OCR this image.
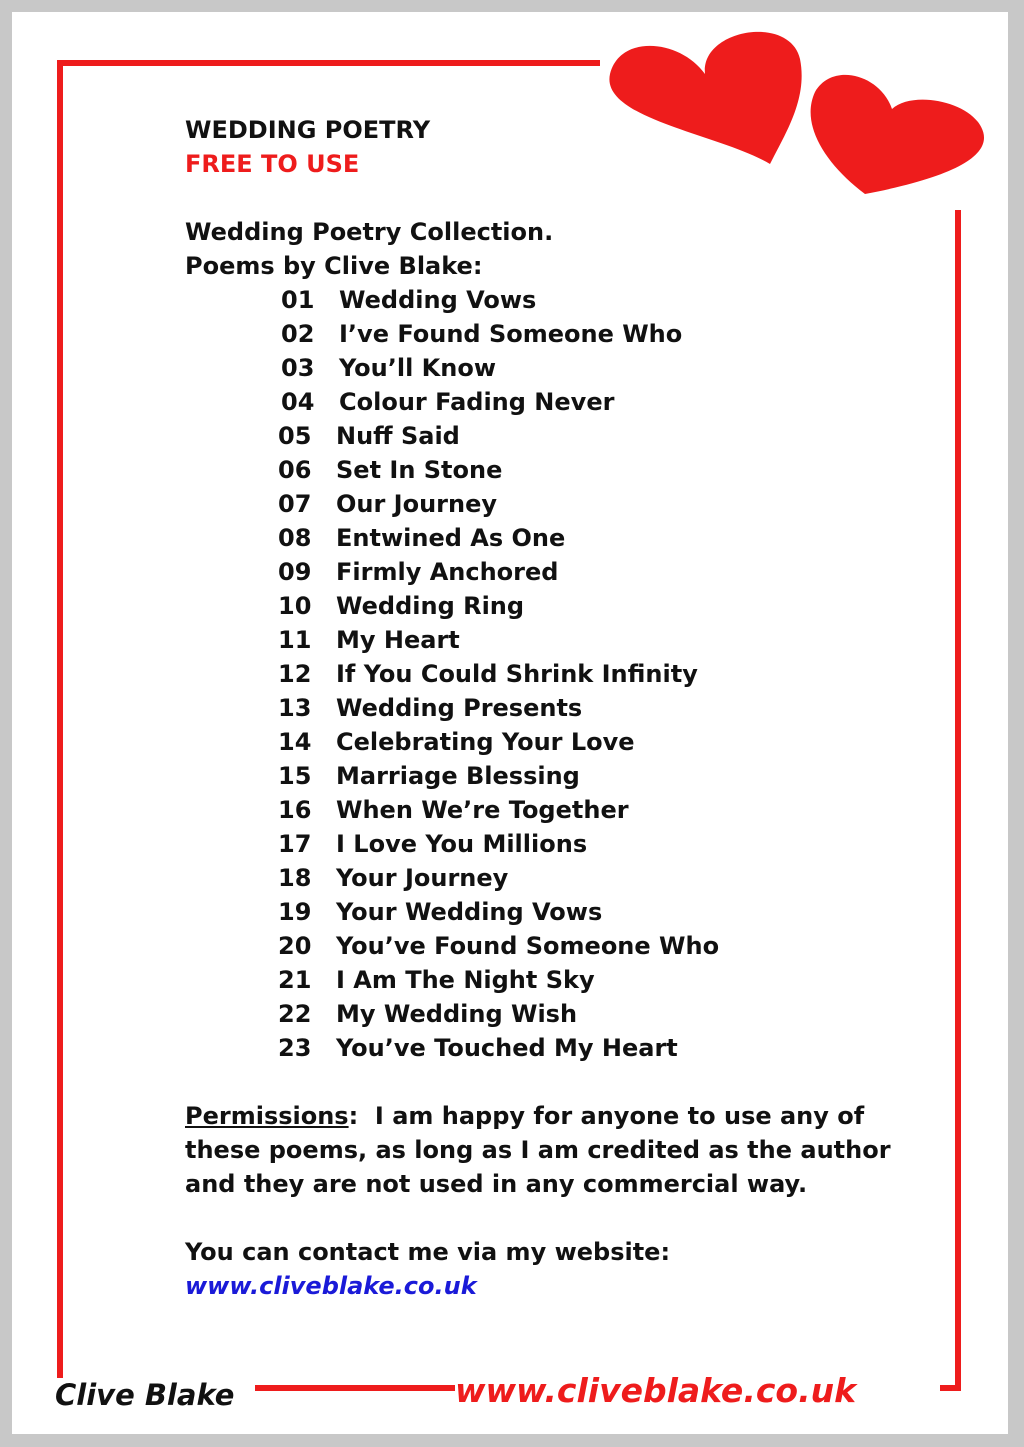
WEDDING POETRY

FREE TO USE

Wedding Poetry Collection.

Poems by Clive Blake:

01	Wedding Vows
02	I’ve Found Someone Who
03	You’ll Know
04	Colour Fading Never
05	Nuff Said
06	Set In Stone
07	Our Journey
08	Entwined As One
09	Firmly Anchored
10	Wedding Ring
11	My Heart
12	If You Could Shrink Infinity
13	Wedding Presents
14	Celebrating Your Love
15	Marriage Blessing
16	When We’re Together
17	I Love You Millions
18	Your Journey
19	Your Wedding Vows
20	You’ve Found Someone Who
21	I Am The Night Sky
22	My Wedding Wish
23	You’ve Touched My Heart

Permissions: I am happy for anyone to use any of these poems, as long as I am credited as the author and they are not used in any commercial way.

You can contact me via my website:

www.cliveblake.co.uk

Clive Blake	www.cliveblake.co.uk
